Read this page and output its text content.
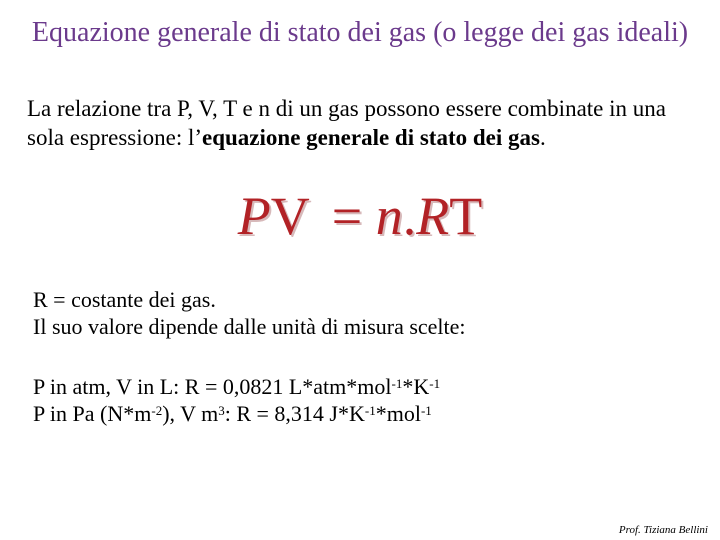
Equazione generale di stato dei gas (o legge dei gas ideali)
La relazione tra P, V, T e n di un gas possono essere combinate in una sola espressione: l’equazione generale di stato dei gas.
PV = n.RT
R = costante dei gas.
Il suo valore dipende dalle unità di misura scelte:
P in atm, V in L: R = 0,0821 $L*atm*mol^{-1}*K^{-1}$
P in Pa $(N*m^{-2})$, V $m^3$: R = 8,314 $J*K^{-1}*mol^{-1}$
Prof. Tiziana Bellini
